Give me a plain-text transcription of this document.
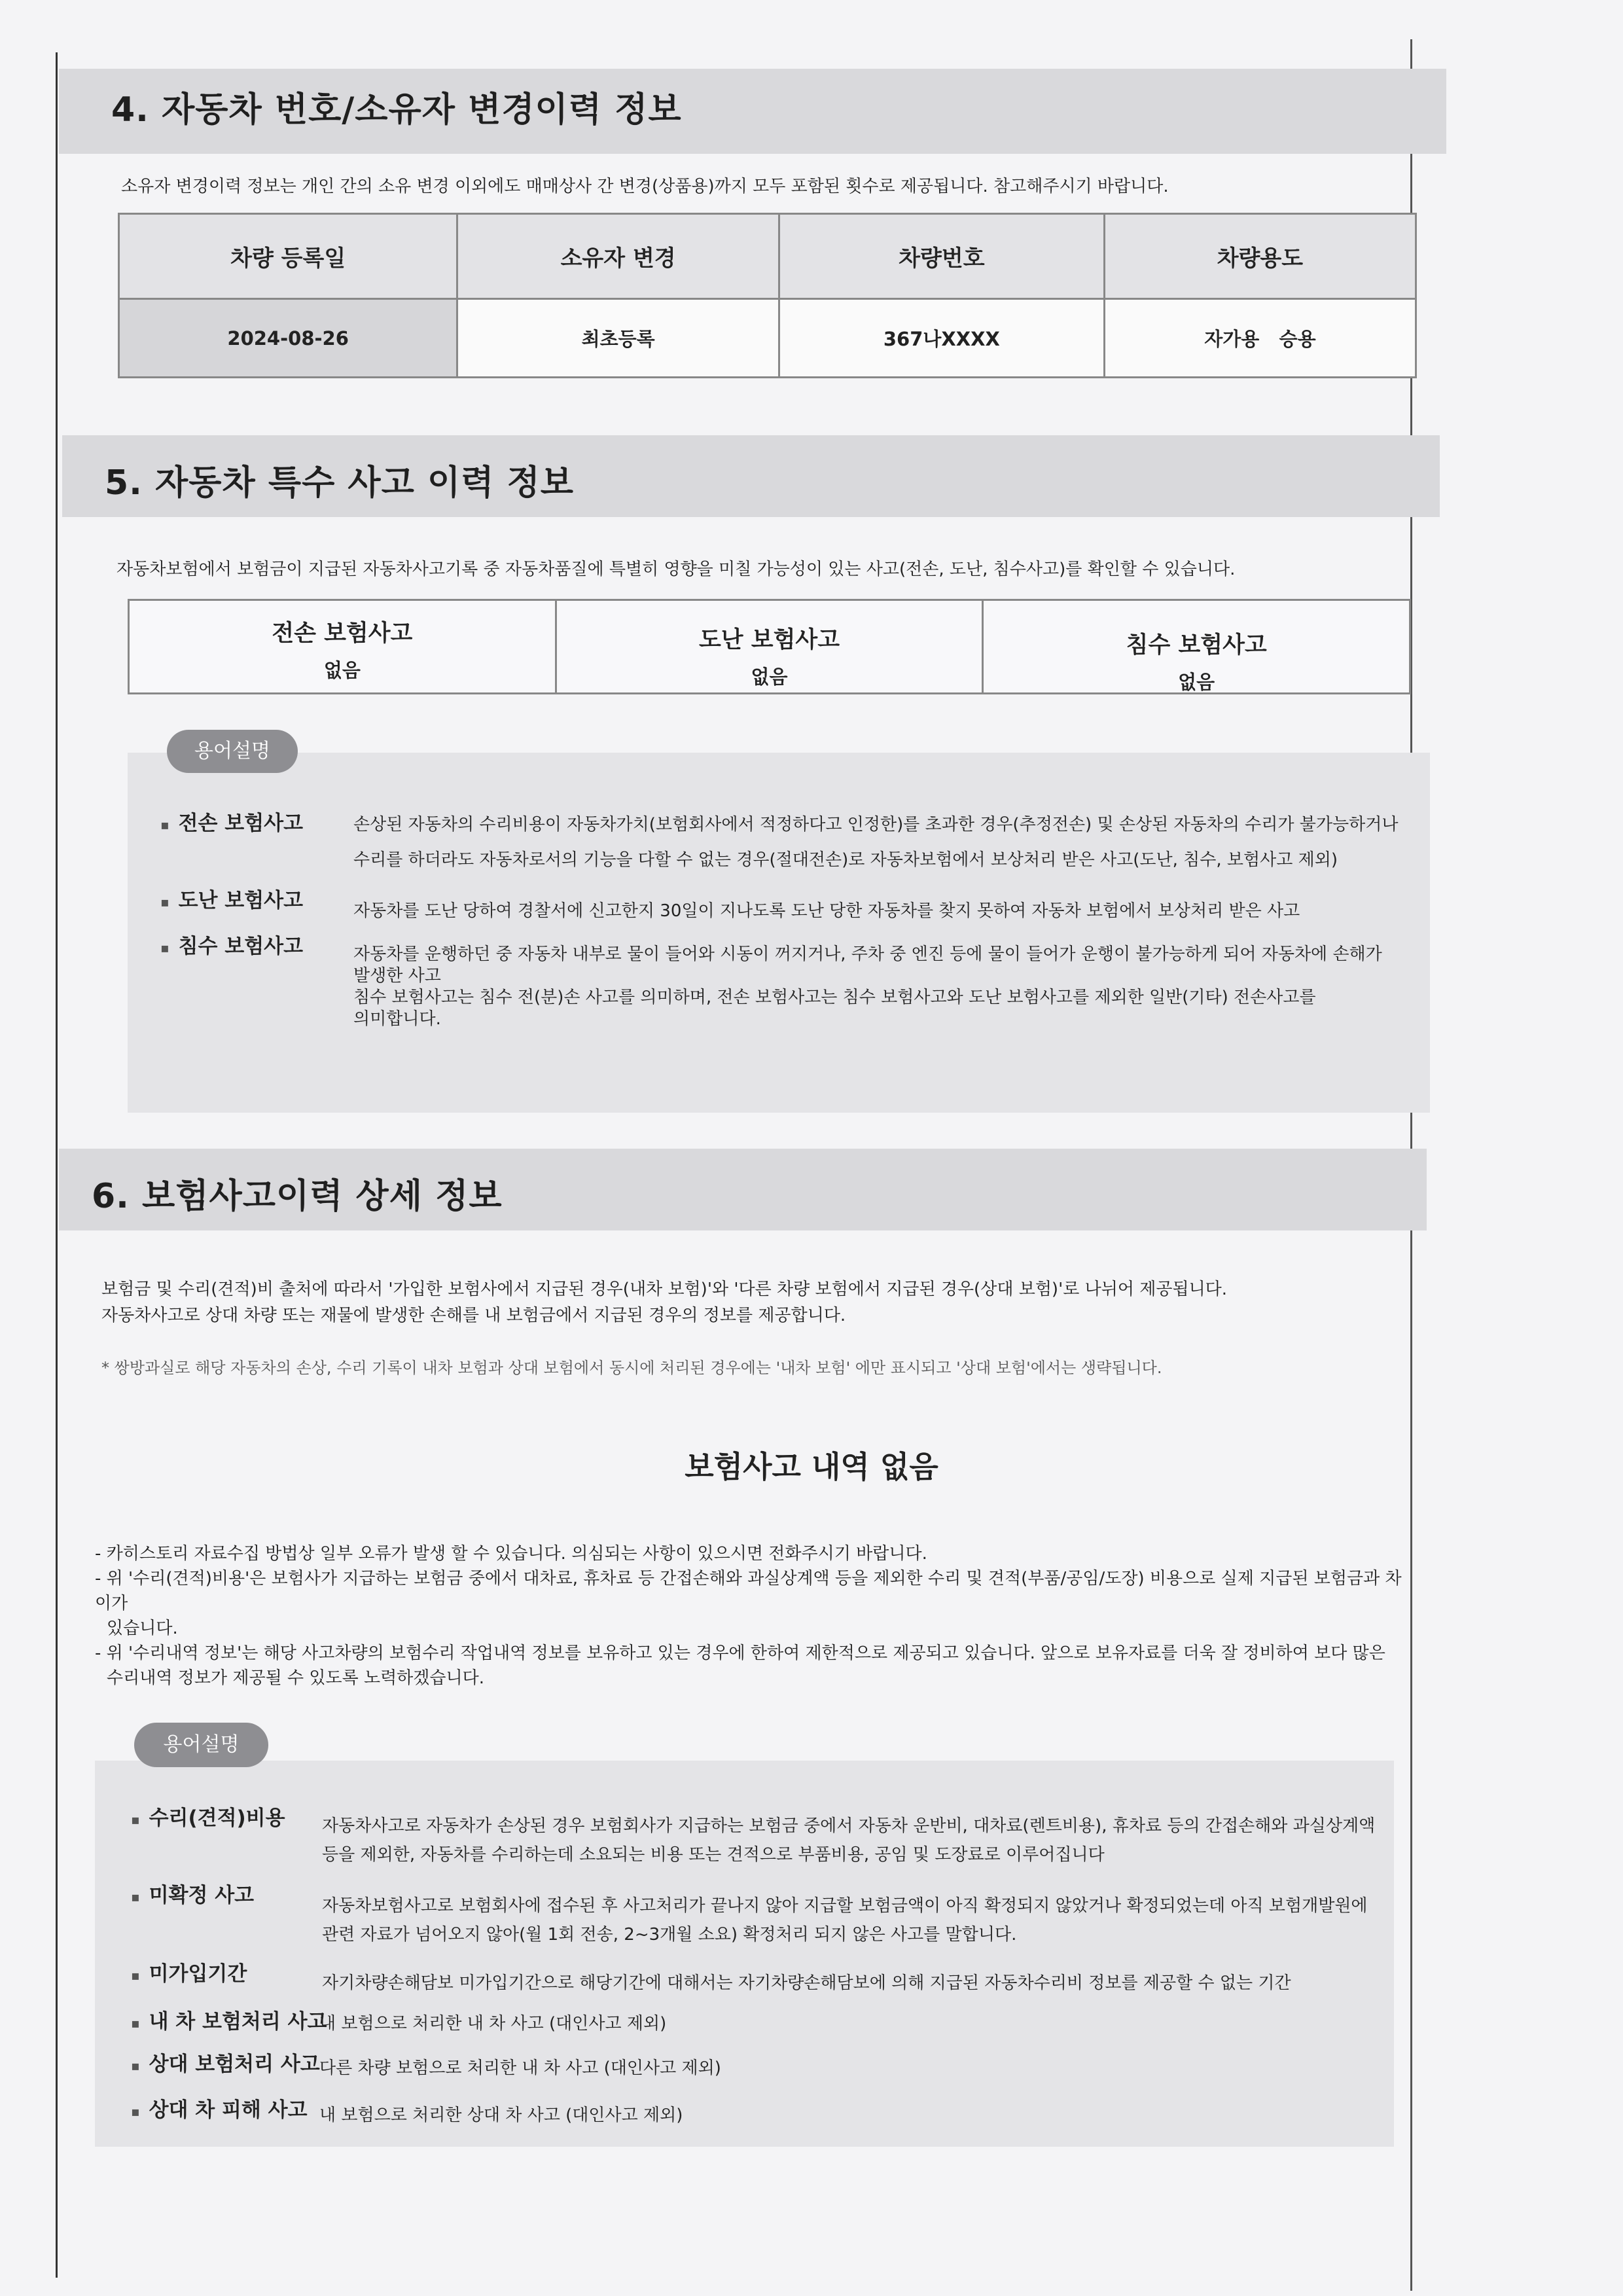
4. 자동차 번호/소유자 변경이력 정보
소유자 변경이력 정보는 개인 간의 소유 변경 이외에도 매매상사 간 변경(상품용)까지 모두 포함된 횟수로 제공됩니다. 참고해주시기 바랍니다.
차량 등록일	소유자 변경	차량번호	차량용도
2024-08-26	최초등록	367나XXXX	자가용   승용
5. 자동차 특수 사고 이력 정보
자동차보험에서 보험금이 지급된 자동차사고기록 중 자동차품질에 특별히 영향을 미칠 가능성이 있는 사고(전손, 도난, 침수사고)를 확인할 수 있습니다.
전손 보험사고
없음
도난 보험사고
없음
침수 보험사고
없음
용어설명
▪ 전손 보험사고	손상된 자동차의 수리비용이 자동차가치(보험회사에서 적정하다고 인정한)를 초과한 경우(추정전손) 및 손상된 자동차의 수리가 불가능하거나
수리를 하더라도 자동차로서의 기능을 다할 수 없는 경우(절대전손)로 자동차보험에서 보상처리 받은 사고(도난, 침수, 보험사고 제외)
▪ 도난 보험사고	자동차를 도난 당하여 경찰서에 신고한지 30일이 지나도록 도난 당한 자동차를 찾지 못하여 자동차 보험에서 보상처리 받은 사고
▪ 침수 보험사고	자동차를 운행하던 중 자동차 내부로 물이 들어와 시동이 꺼지거나, 주차 중 엔진 등에 물이 들어가 운행이 불가능하게 되어 자동차에 손해가
발생한 사고
침수 보험사고는 침수 전(분)손 사고를 의미하며, 전손 보험사고는 침수 보험사고와 도난 보험사고를 제외한 일반(기타) 전손사고를
의미합니다.
6. 보험사고이력 상세 정보
보험금 및 수리(견적)비 출처에 따라서 '가입한 보험사에서 지급된 경우(내차 보험)'와 '다른 차량 보험에서 지급된 경우(상대 보험)'로 나뉘어 제공됩니다.
자동차사고로 상대 차량 또는 재물에 발생한 손해를 내 보험금에서 지급된 경우의 정보를 제공합니다.
* 쌍방과실로 해당 자동차의 손상, 수리 기록이 내차 보험과 상대 보험에서 동시에 처리된 경우에는 '내차 보험' 에만 표시되고 '상대 보험'에서는 생략됩니다.
보험사고 내역 없음
- 카히스토리 자료수집 방법상 일부 오류가 발생 할 수 있습니다. 의심되는 사항이 있으시면 전화주시기 바랍니다.
- 위 '수리(견적)비용'은 보험사가 지급하는 보험금 중에서 대차료, 휴차료 등 간접손해와 과실상계액 등을 제외한 수리 및 견적(부품/공임/도장) 비용으로 실제 지급된 보험금과 차이가
있습니다.
- 위 '수리내역 정보'는 해당 사고차량의 보험수리 작업내역 정보를 보유하고 있는 경우에 한하여 제한적으로 제공되고 있습니다. 앞으로 보유자료를 더욱 잘 정비하여 보다 많은
수리내역 정보가 제공될 수 있도록 노력하겠습니다.
용어설명
▪ 수리(견적)비용 자동차사고로 자동차가 손상된 경우 보험회사가 지급하는 보험금 중에서 자동차 운반비, 대차료(렌트비용), 휴차료 등의 간접손해와 과실상계액
등을 제외한, 자동차를 수리하는데 소요되는 비용 또는 견적으로 부품비용, 공임 및 도장료로 이루어집니다
▪ 미확정 사고	자동차보험사고로 보험회사에 접수된 후 사고처리가 끝나지 않아 지급할 보험금액이 아직 확정되지 않았거나 확정되었는데 아직 보험개발원에
관련 자료가 넘어오지 않아(월 1회 전송, 2~3개월 소요) 확정처리 되지 않은 사고를 말합니다.
▪ 미가입기간	자기차량손해담보 미가입기간으로 해당기간에 대해서는 자기차량손해담보에 의해 지급된 자동차수리비 정보를 제공할 수 없는 기간
▪ 내 차 보험처리 사고
내 보험으로 처리한 내 차 사고 (대인사고 제외)
▪ 상대 보험처리 사고 다른 차량 보험으로 처리한 내 차 사고 (대인사고 제외)
▪ 상대 차 피해 사고 내 보험으로 처리한 상대 차 사고 (대인사고 제외)
